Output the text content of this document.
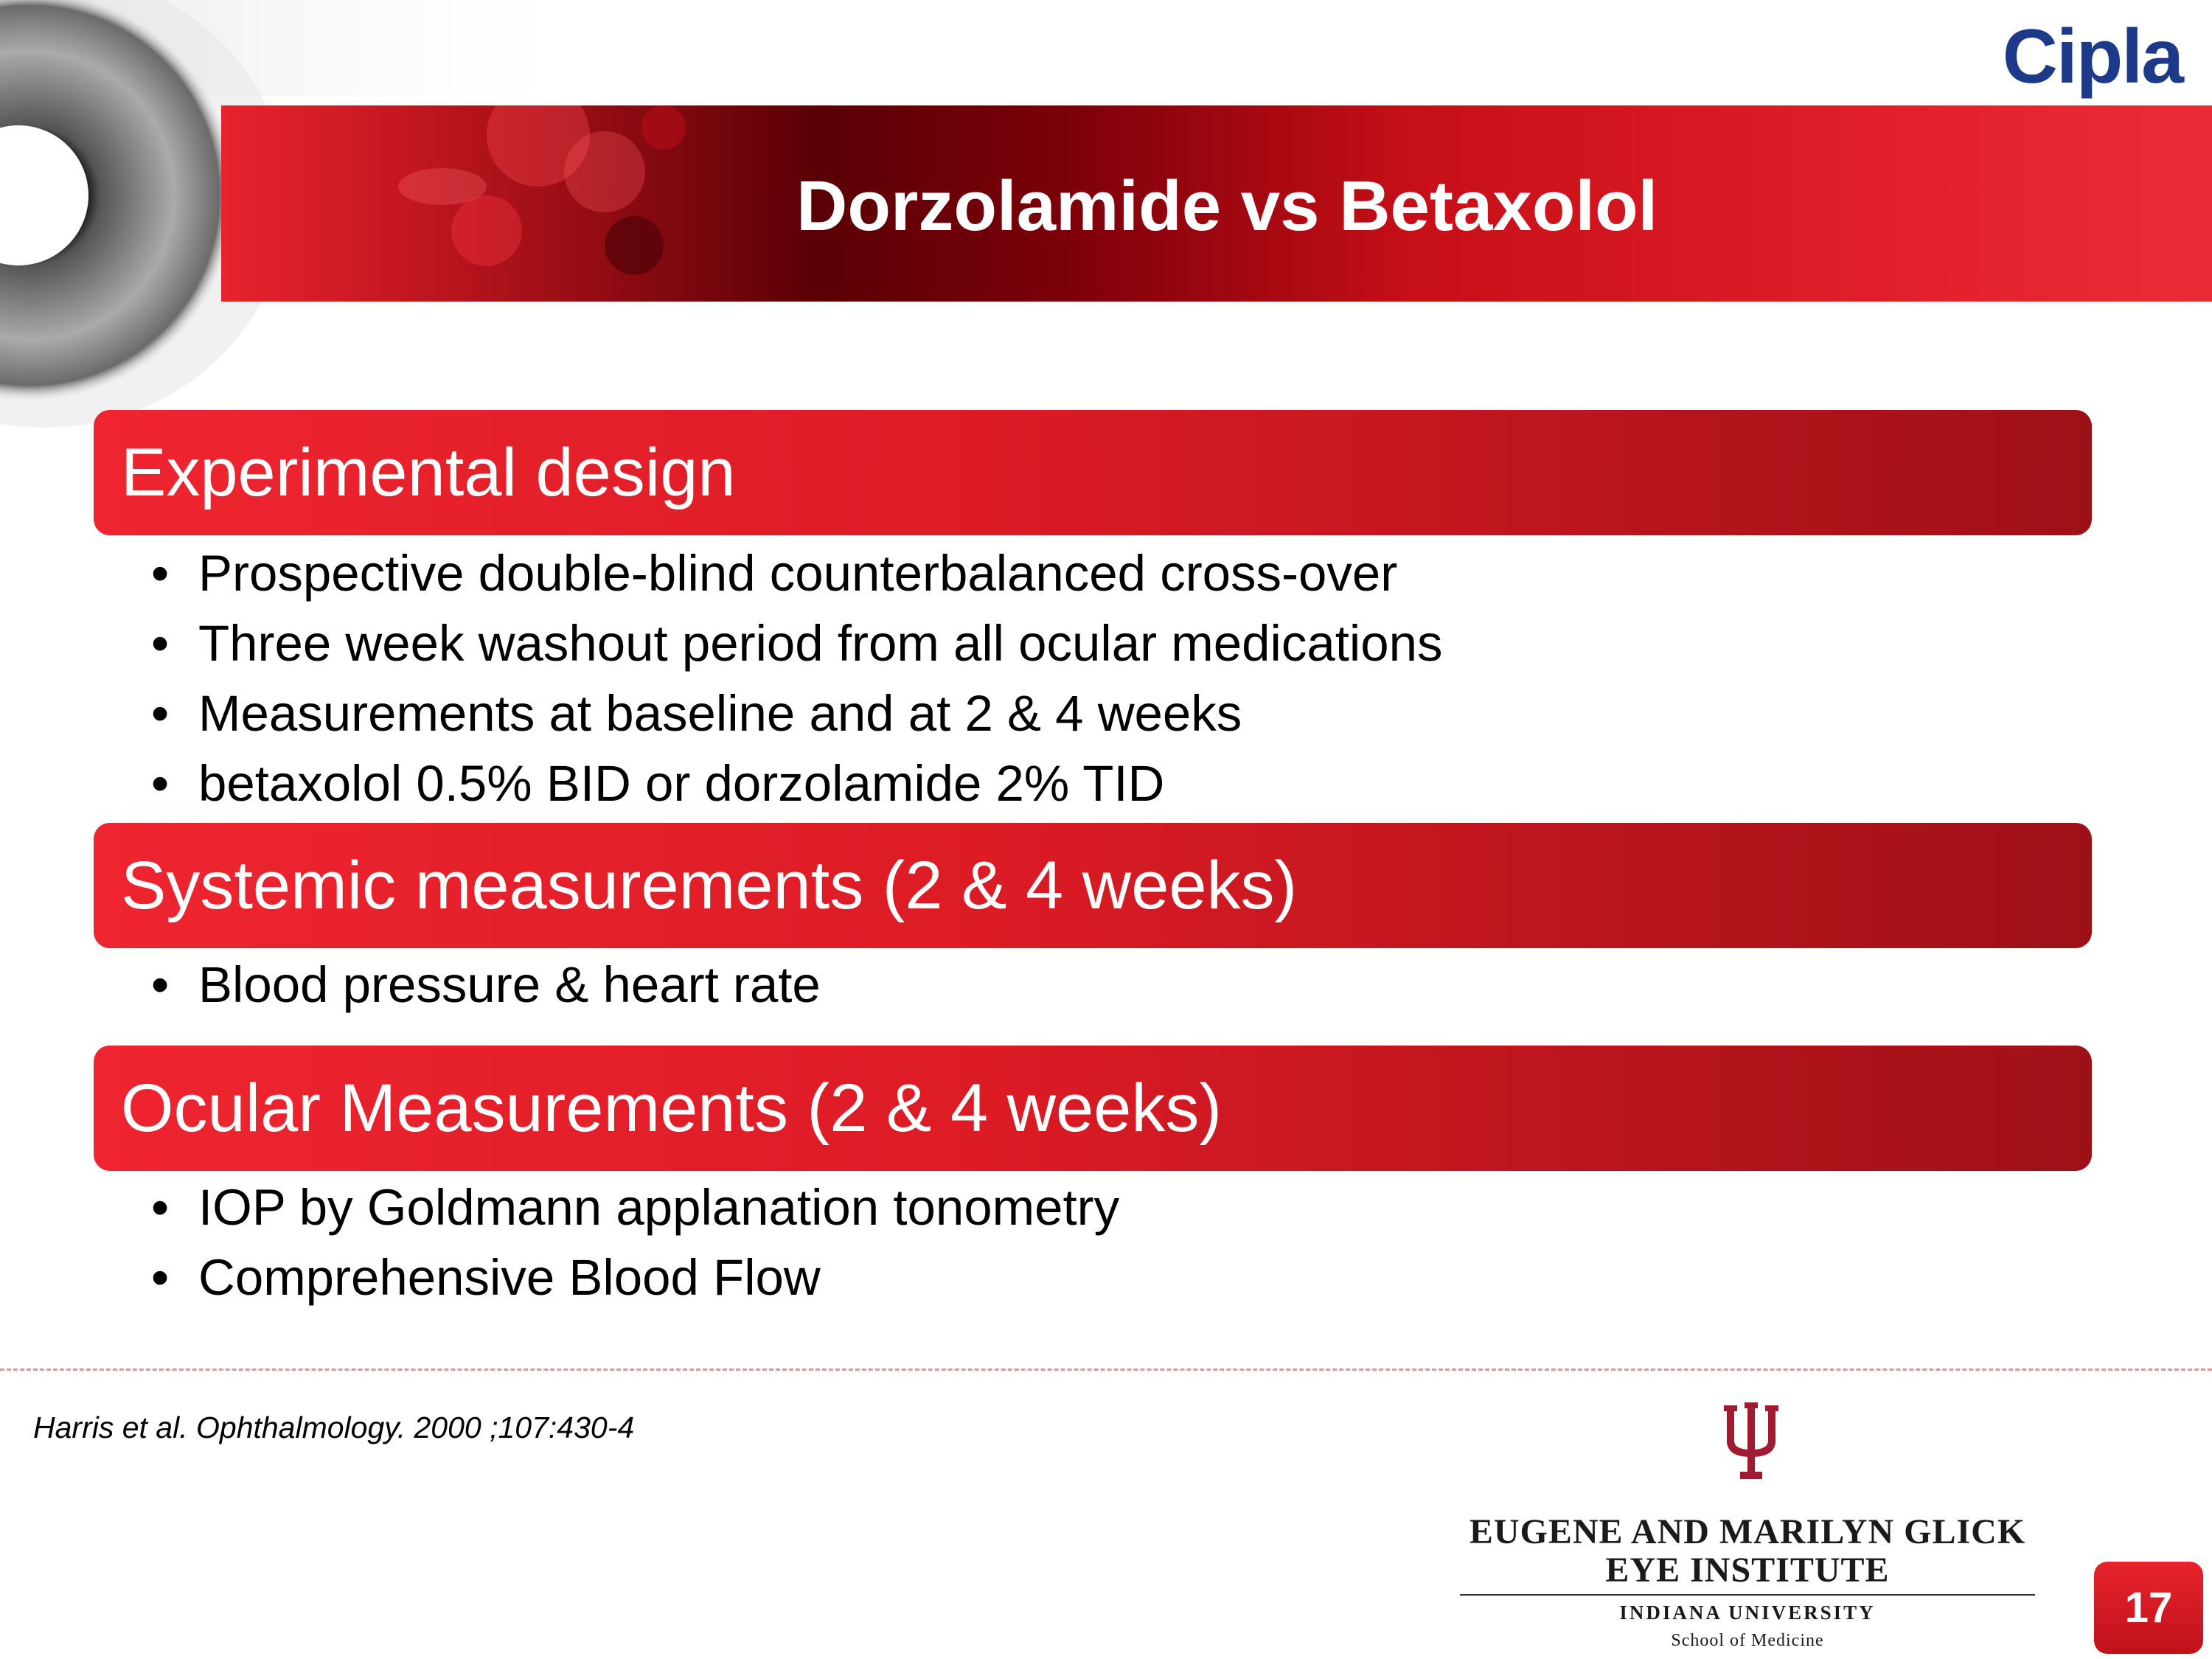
Dorzolamide vs Betaxolol
Cipla
Experimental design
• Prospective double-blind counterbalanced cross-over
• Three week washout period from all ocular medications
• Measurements at baseline and at 2 & 4 weeks
• betaxolol 0.5% BID or dorzolamide 2% TID
Systemic measurements (2 & 4 weeks)
• Blood pressure & heart rate
Ocular Measurements (2 & 4 weeks)
• IOP by Goldmann applanation tonometry
• Comprehensive Blood Flow
Harris et al. Ophthalmology. 2000 ;107:430-4
EUGENE AND MARILYN GLICK
EYE INSTITUTE
INDIANA UNIVERSITY
School of Medicine
17
